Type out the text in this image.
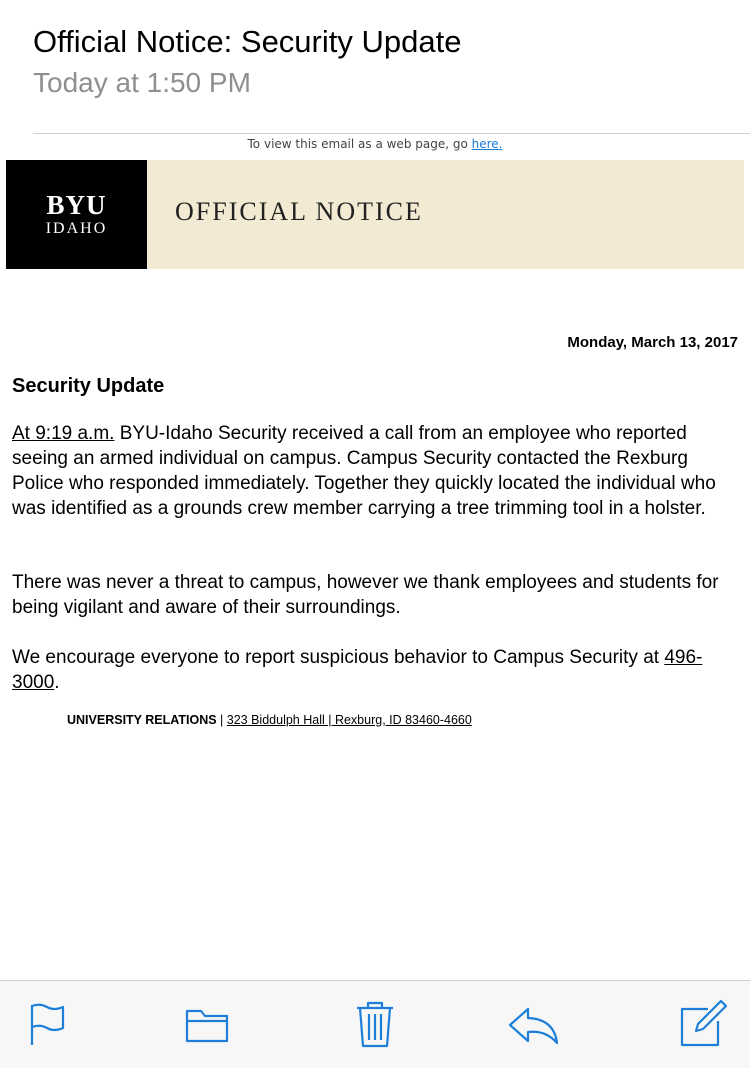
Official Notice: Security Update
Today at 1:50 PM
To view this email as a web page, go here.
BYU
IDAHO
OFFICIAL NOTICE
Monday, March 13, 2017
Security Update

At 9:19 a.m. BYU-Idaho Security received a call from an employee who reported seeing an armed individual on campus. Campus Security contacted the Rexburg Police who responded immediately. Together they quickly located the individual who was identified as a grounds crew member carrying a tree trimming tool in a holster.

There was never a threat to campus, however we thank employees and students for being vigilant and aware of their surroundings.

We encourage everyone to report suspicious behavior to Campus Security at 496-3000.

UNIVERSITY RELATIONS | 323 Biddulph Hall | Rexburg, ID 83460-4660
